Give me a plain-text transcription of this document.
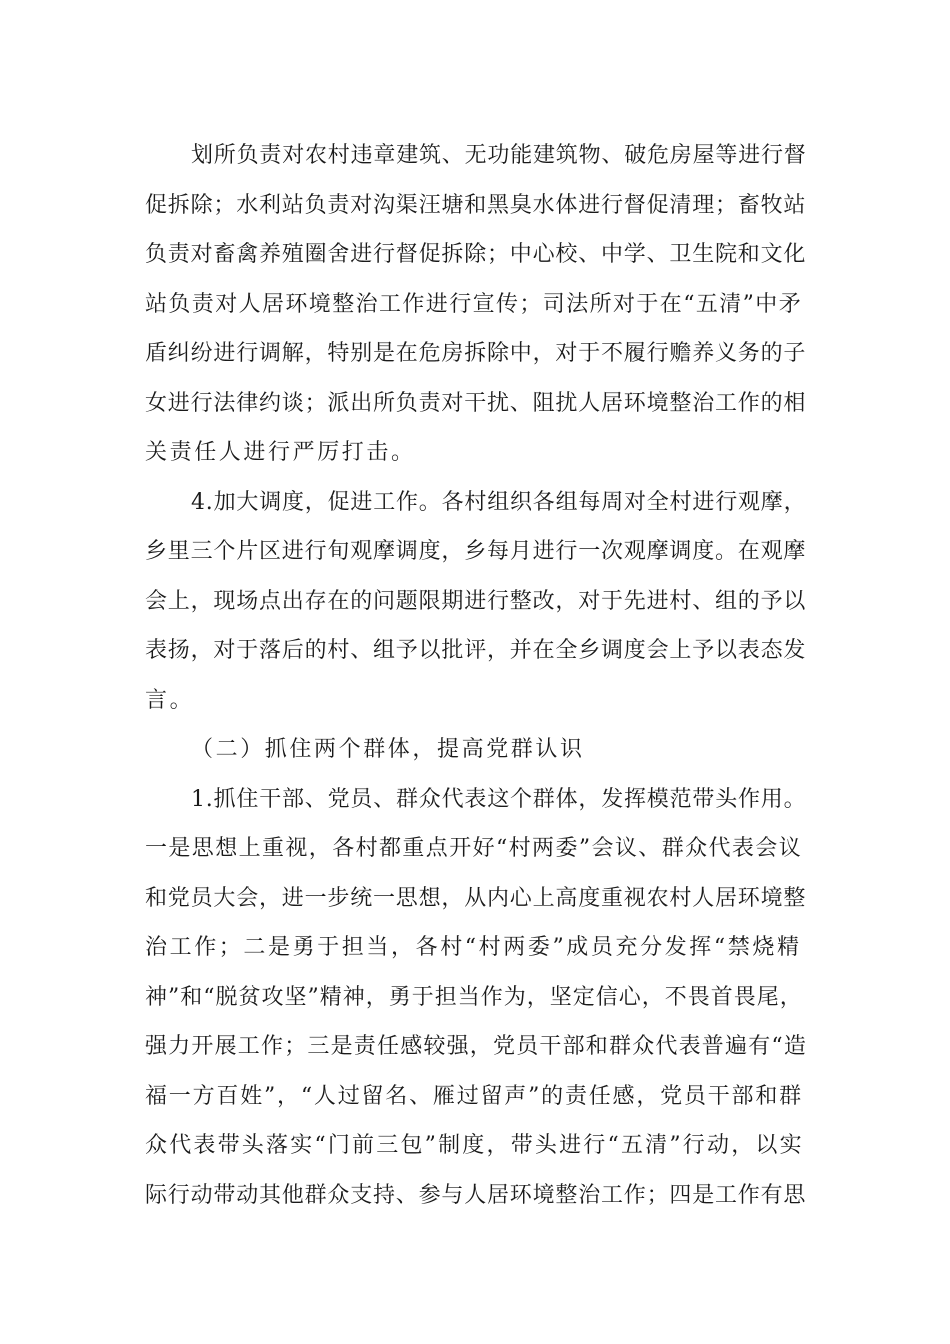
划所负责对农村违章建筑、无功能建筑物、破危房屋等进行督
促拆除；水利站负责对沟渠汪塘和黑臭水体进行督促清理；畜牧站
负责对畜禽养殖圈舍进行督促拆除；中心校、中学、卫生院和文化
站负责对人居环境整治工作进行宣传；司法所对于在“五清”中矛
盾纠纷进行调解，特别是在危房拆除中，对于不履行赡养义务的子
女进行法律约谈；派出所负责对干扰、阻扰人居环境整治工作的相
关责任人进行严厉打击。
4.加大调度，促进工作。各村组织各组每周对全村进行观摩，
乡里三个片区进行旬观摩调度，乡每月进行一次观摩调度。在观摩
会上，现场点出存在的问题限期进行整改，对于先进村、组的予以
表扬，对于落后的村、组予以批评，并在全乡调度会上予以表态发
言。
（二）抓住两个群体，提高党群认识
1.抓住干部、党员、群众代表这个群体，发挥模范带头作用。
一是思想上重视，各村都重点开好“村两委”会议、群众代表会议
和党员大会，进一步统一思想，从内心上高度重视农村人居环境整
治工作；二是勇于担当，各村“村两委”成员充分发挥“禁烧精
神”和“脱贫攻坚”精神，勇于担当作为，坚定信心，不畏首畏尾，
强力开展工作；三是责任感较强，党员干部和群众代表普遍有“造
福一方百姓”，“人过留名、雁过留声”的责任感，党员干部和群
众代表带头落实“门前三包”制度，带头进行“五清”行动，以实
际行动带动其他群众支持、参与人居环境整治工作；四是工作有思
